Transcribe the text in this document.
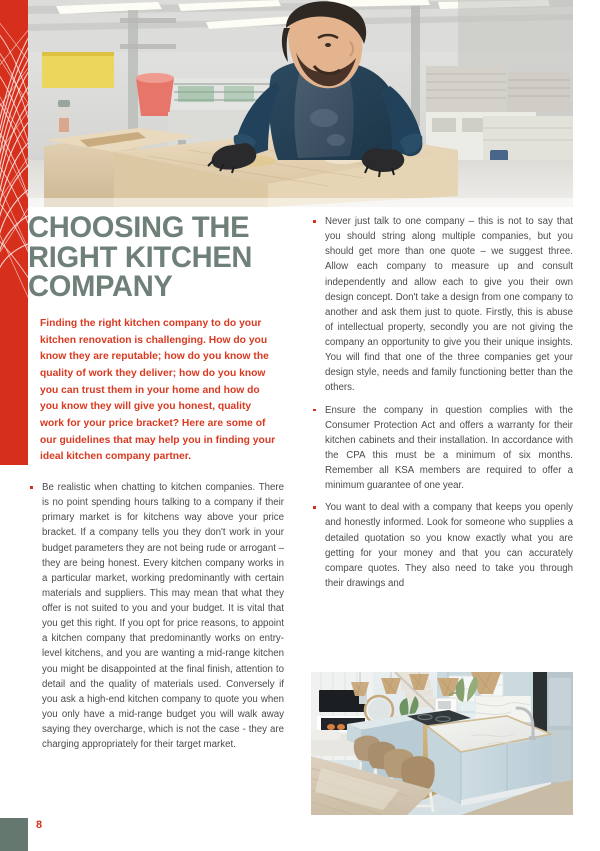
CHOOSING THE RIGHT KITCHEN COMPANY

Finding the right kitchen company to do your kitchen renovation is challenging. How do you know they are reputable; how do you know the quality of work they deliver; how do you know you can trust them in your home and how do you know they will give you honest, quality work for your price bracket? Here are some of our guidelines that may help you in finding your ideal kitchen company partner.

Be realistic when chatting to kitchen companies. There is no point spending hours talking to a company if their primary market is for kitchens way above your price bracket. If a company tells you they don't work in your budget parameters they are not being rude or arrogant – they are being honest. Every kitchen company works in a particular market, working predominantly with certain materials and suppliers. This may mean that what they offer is not suited to you and your budget. It is vital that you get this right. If you opt for price reasons, to appoint a kitchen company that predominantly works on entry-level kitchens, and you are wanting a mid-range kitchen you might be disappointed at the final finish, attention to detail and the quality of materials used. Conversely if you ask a high-end kitchen company to quote you when you only have a mid-range budget you will walk away saying they overcharge, which is not the case - they are charging appropriately for their target market.
Never just talk to one company – this is not to say that you should string along multiple companies, but you should get more than one quote – we suggest three. Allow each company to measure up and consult independently and allow each to give you their own design concept. Don't take a design from one company to another and ask them just to quote. Firstly, this is abuse of intellectual property, secondly you are not giving the company an opportunity to give you their unique insights. You will find that one of the three companies get your design style, needs and family functioning better than the others.
Ensure the company in question complies with the Consumer Protection Act and offers a warranty for their kitchen cabinets and their installation. In accordance with the CPA this must be a minimum of six months. Remember all KSA members are required to offer a minimum guarantee of one year.
You want to deal with a company that keeps you openly and honestly informed. Look for someone who supplies a detailed quotation so you know exactly what you are getting for your money and that you can accurately compare quotes. They also need to take you through their drawings and
8
